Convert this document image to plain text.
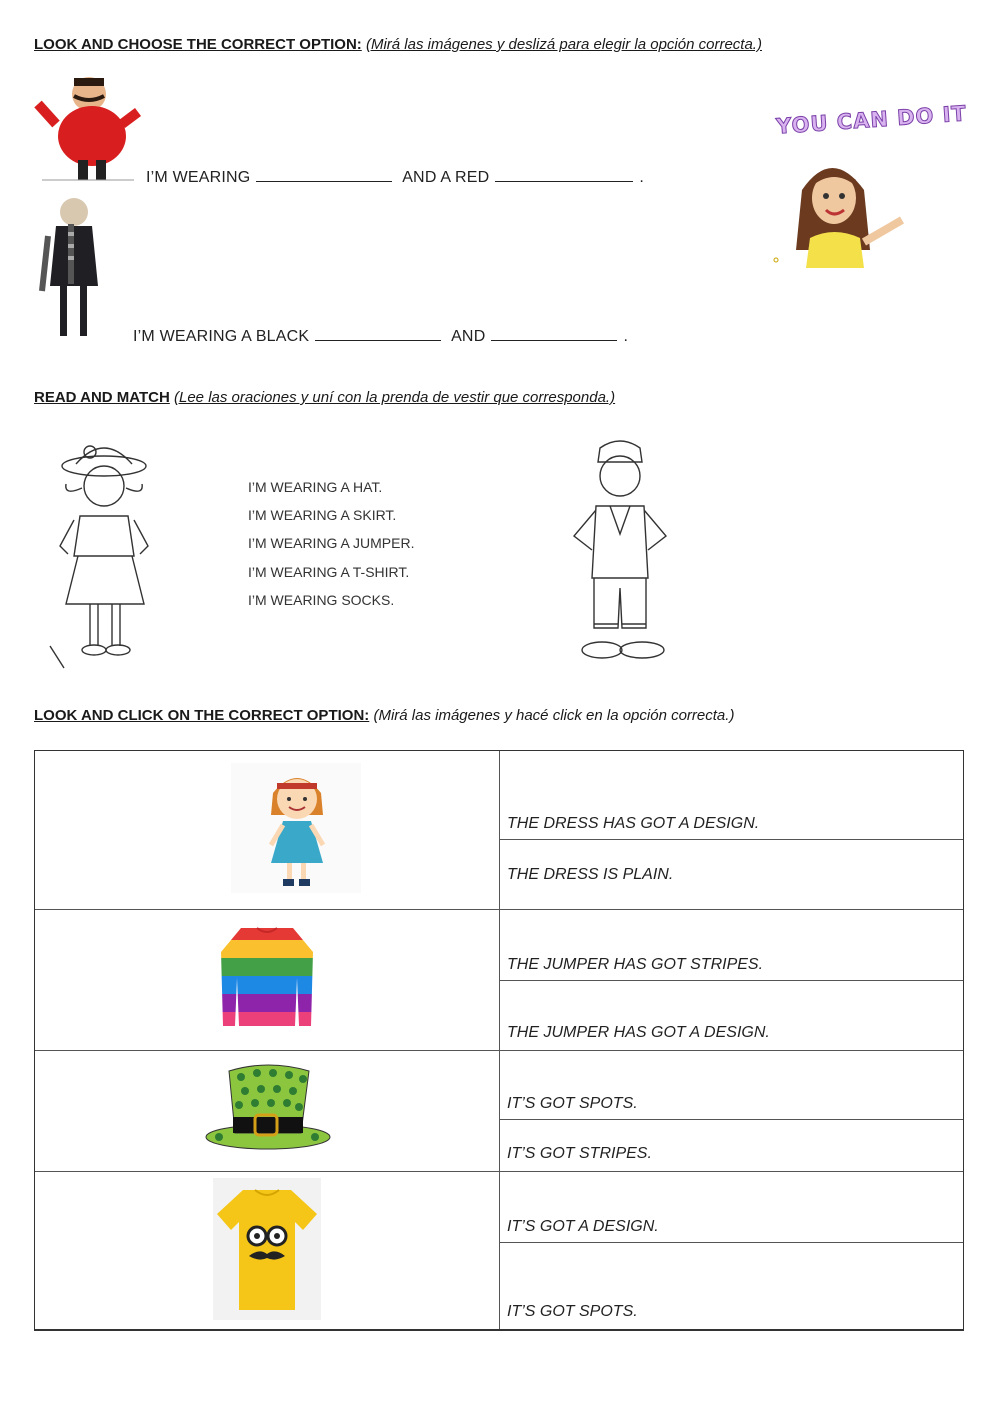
LOOK AND CHOOSE THE CORRECT OPTION: (Mirá las imágenes y deslizá para elegir la opción correcta.)
I’M WEARING	AND A RED	.
I’M WEARING A BLACK	AND	.
YOU CAN DO IT
READ AND MATCH (Lee las oraciones y uní con la prenda de vestir que corresponda.)
I’M WEARING A HAT.
I’M WEARING A SKIRT.
I’M WEARING A JUMPER.
I’M WEARING A T-SHIRT.
I’M WEARING SOCKS.
LOOK AND CLICK ON THE CORRECT OPTION: (Mirá las imágenes y hacé click en la opción correcta.)
THE DRESS HAS GOT A DESIGN.
THE DRESS IS PLAIN.
THE JUMPER HAS GOT STRIPES.
THE JUMPER HAS GOT A DESIGN.
IT’S GOT SPOTS.
IT’S GOT STRIPES.
IT’S GOT A DESIGN.
IT’S GOT SPOTS.
